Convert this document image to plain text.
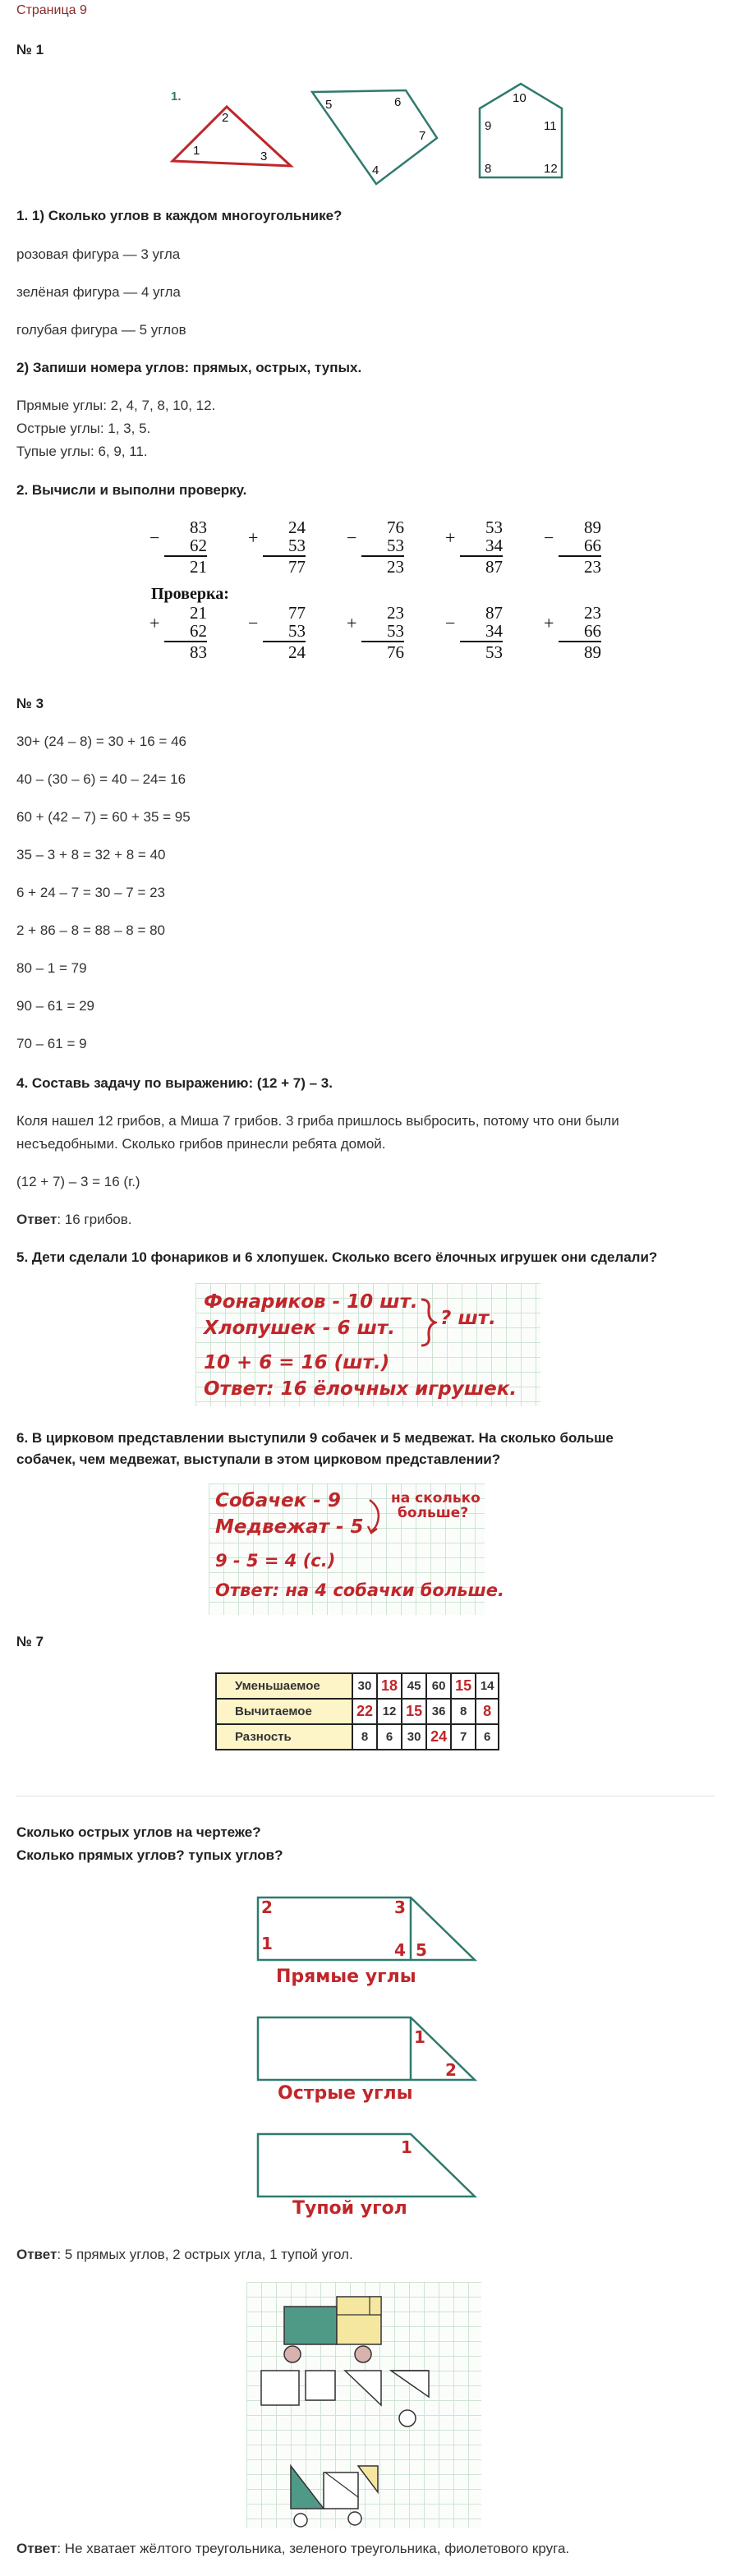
Страница 9
№ 1
1.
2
1	3
5	6
7
4
10
9	11
8	12
1. 1) Сколько углов в каждом многоугольнике?
розовая фигура — 3 угла
зелёная фигура — 4 угла
голубая фигура — 5 углов
2) Запиши номера углов: прямых, острых, тупых.
Прямые углы: 2, 4, 7, 8, 10, 12.
Острые углы: 1, 3, 5.
Тупые углы: 6, 9, 11.
2. Вычисли и выполни проверку.
Проверка:
−	83
62
21
+	24
53
77
−	76
53
23
+	53
34
87
−	89
66
23
+	21
62
83
−	77
53
24
+	23
53
76
−	87
34
53
+	23
66
89
№ 3
30+ (24 – 8) = 30 + 16 = 46
40 – (30 – 6) = 40 – 24= 16
60 + (42 – 7) = 60 + 35 = 95
35 – 3 + 8 = 32 + 8 = 40
6 + 24 – 7 = 30 – 7 = 23
2 + 86 – 8 = 88 – 8 = 80
80 – 1 = 79
90 – 61 = 29
70 – 61 = 9
4. Составь задачу по выражению: (12 + 7) – 3.
Коля нашел 12 грибов, а Миша 7 грибов. 3 гриба пришлось выбросить, потому что они были
несъедобными. Сколько грибов принесли ребята домой.
(12 + 7) – 3 = 16 (г.)
Ответ: 16 грибов.
5. Дети сделали 10 фонариков и 6 хлопушек. Сколько всего ёлочных игрушек они сделали?
Фонариков - 10 шт.
Хлопушек - 6 шт. ? шт.
10 + 6 = 16 (шт.)
Ответ: 16 ёлочных игрушек.
6. В цирковом представлении выступили 9 собачек и 5 медвежат. На сколько больше
собачек, чем медвежат, выступали в этом цирковом представлении?
Собачек - 9
Медвежат - 5
на сколько
больше?
9 - 5 = 4 (с.)
Ответ: на 4 собачки больше.
№ 7
Уменьшаемое	30	18	45	60	15	14
Вычитаемое	22	12	15	36	8	8
Разность	8	6	30	24	7	6
Сколько острых углов на чертеже?
Сколько прямых углов? тупых углов?
2	3
1	4 5
Прямые углы
1
2
Острые углы
1
Тупой угол
Ответ: 5 прямых углов, 2 острых угла, 1 тупой угол.
Ответ: Не хватает жёлтого треугольника, зеленого треугольника, фиолетового круга.
